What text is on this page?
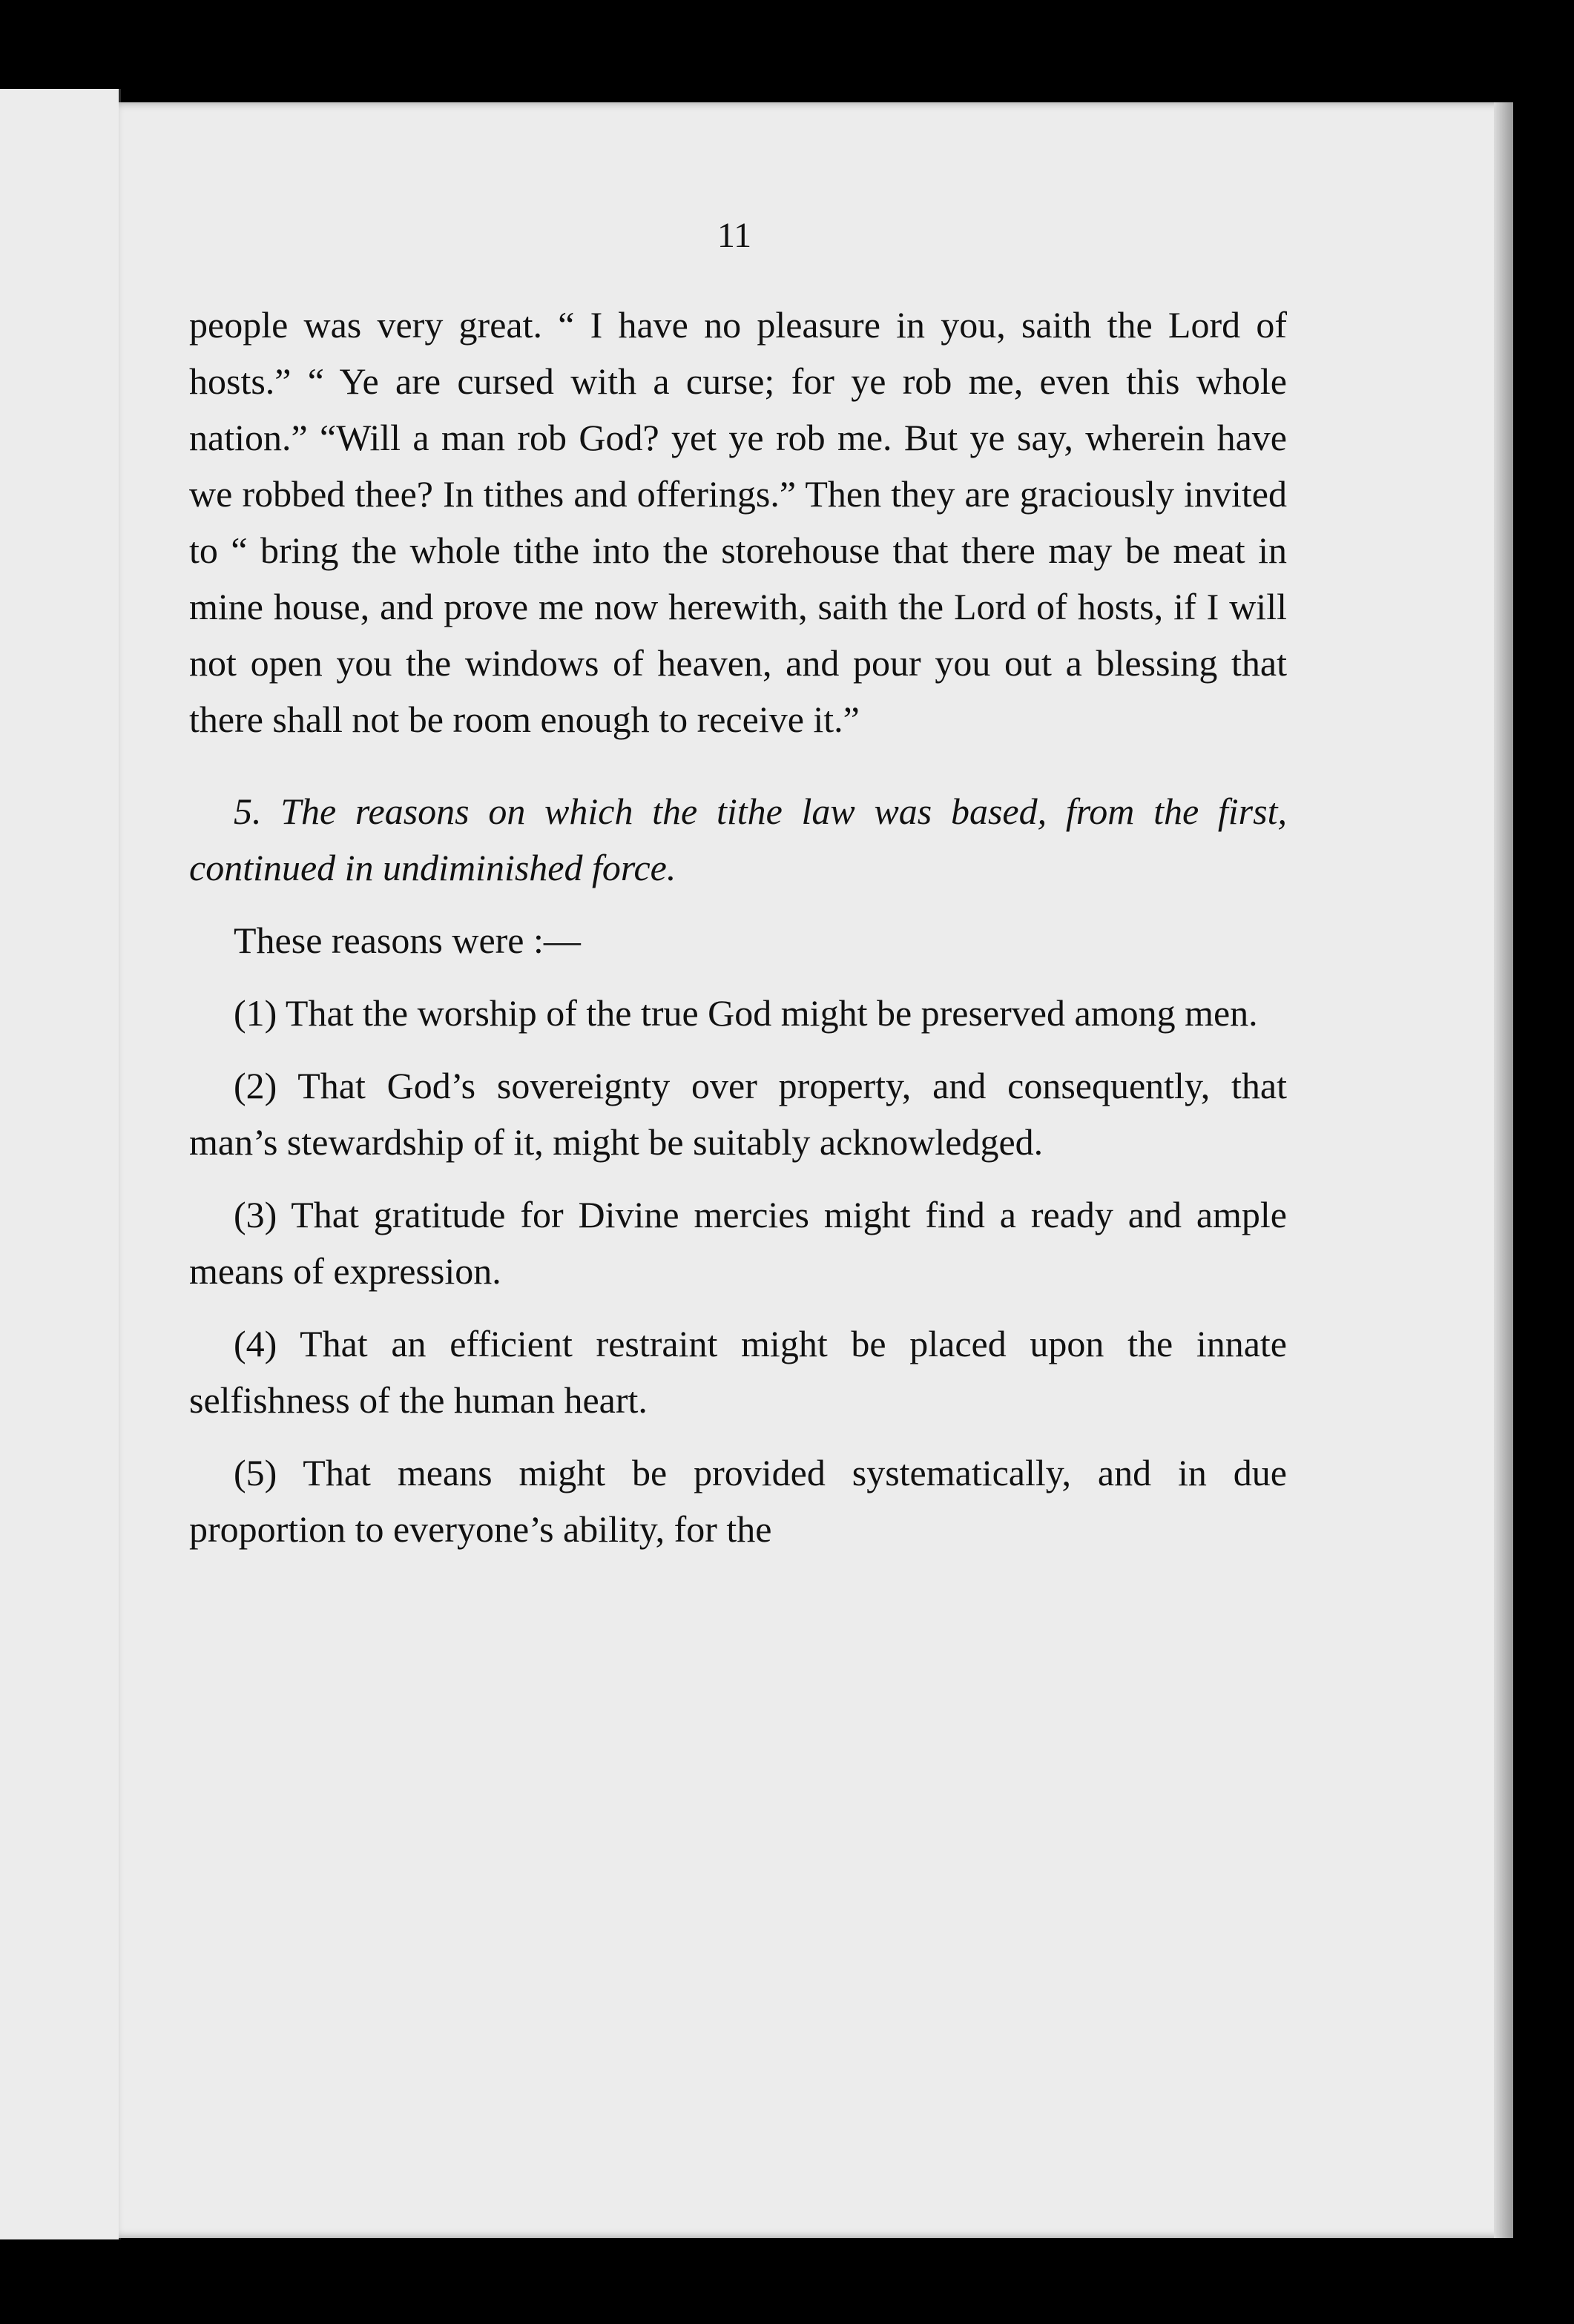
11

people was very great. “ I have no pleasure in you, saith the Lord of hosts.” “ Ye are cursed with a curse; for ye rob me, even this whole nation.” “Will a man rob God? yet ye rob me. But ye say, wherein have we robbed thee? In tithes and offerings.” Then they are graciously invited to “ bring the whole tithe into the storehouse that there may be meat in mine house, and prove me now herewith, saith the Lord of hosts, if I will not open you the windows of heaven, and pour you out a blessing that there shall not be room enough to receive it.”

5. The reasons on which the tithe law was based, from the first, continued in undiminished force.

These reasons were :—

(1) That the worship of the true God might be preserved among men.

(2) That God’s sovereignty over property, and consequently, that man’s stewardship of it, might be suitably acknowledged.

(3) That gratitude for Divine mercies might find a ready and ample means of expression.

(4) That an efficient restraint might be placed upon the innate selfishness of the human heart.

(5) That means might be provided systematically, and in due proportion to everyone’s ability, for the
